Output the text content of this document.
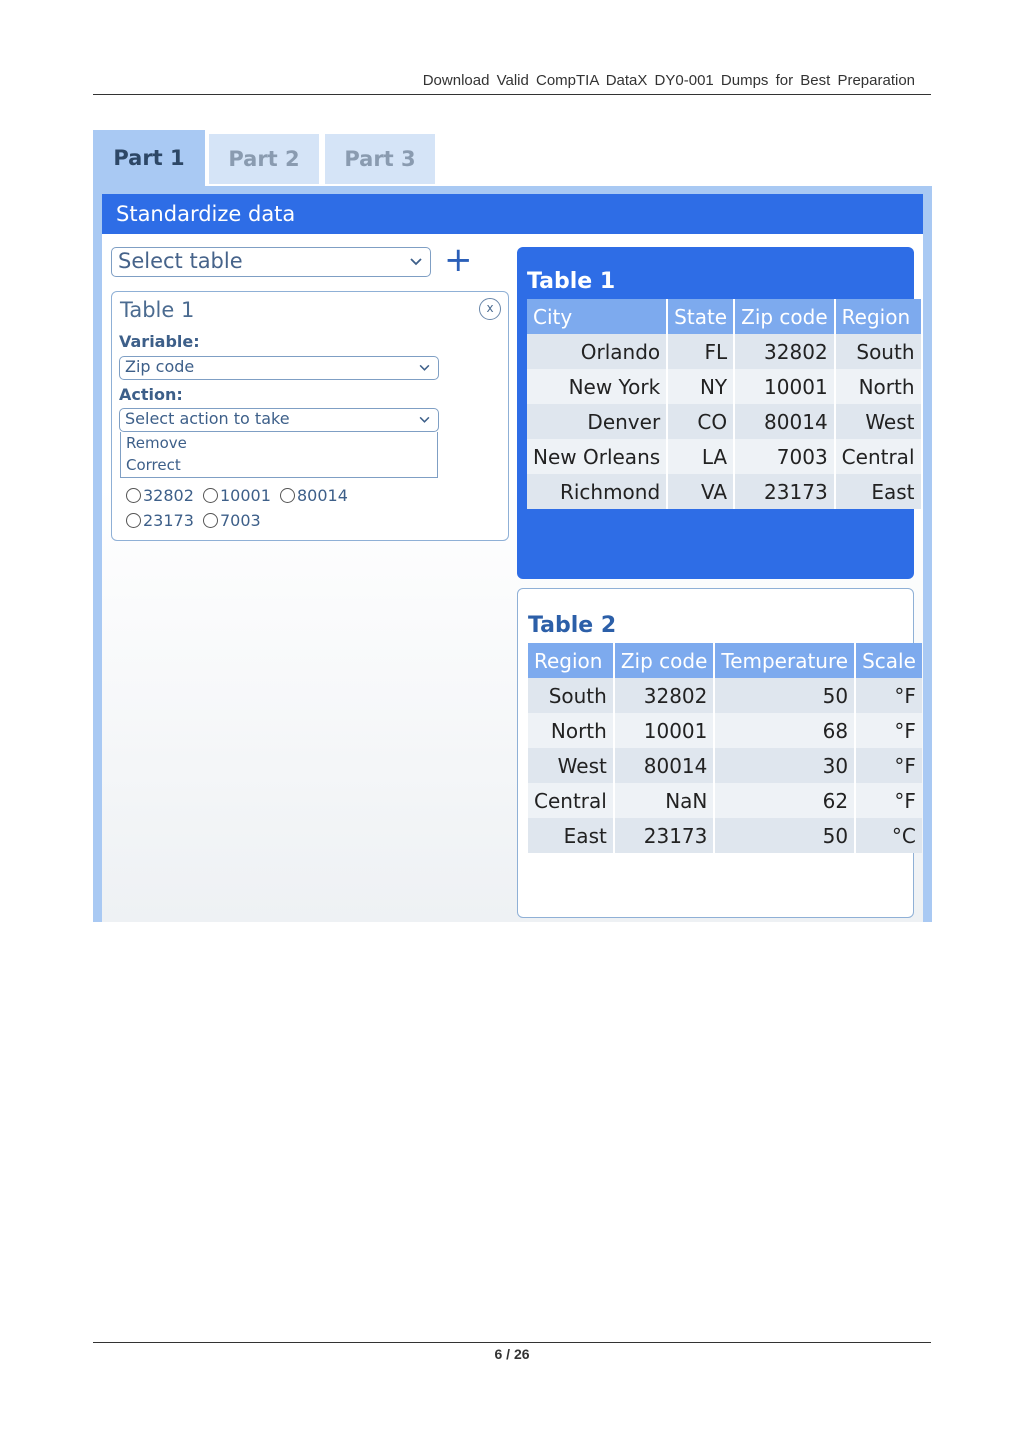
Download Valid CompTIA DataX DY0-001 Dumps for Best Preparation
Part 1	Part 2	Part 3
Standardize data
Select table	+
Table 1	x
Variable:
Zip code
Action:
Select action to take
Remove
Correct
32802 10001 80014 23173 7003
Table 1
City	State	Zip code	Region
Orlando	FL	32802	South
New York	NY	10001	North
Denver	CO	80014	West
New Orleans	LA	7003	Central
Richmond	VA	23173	East
Table 2
Region	Zip code	Temperature	Scale
South	32802	50	°F
North	10001	68	°F
West	80014	30	°F
Central	NaN	62	°F
East	23173	50	°C
6 / 26
